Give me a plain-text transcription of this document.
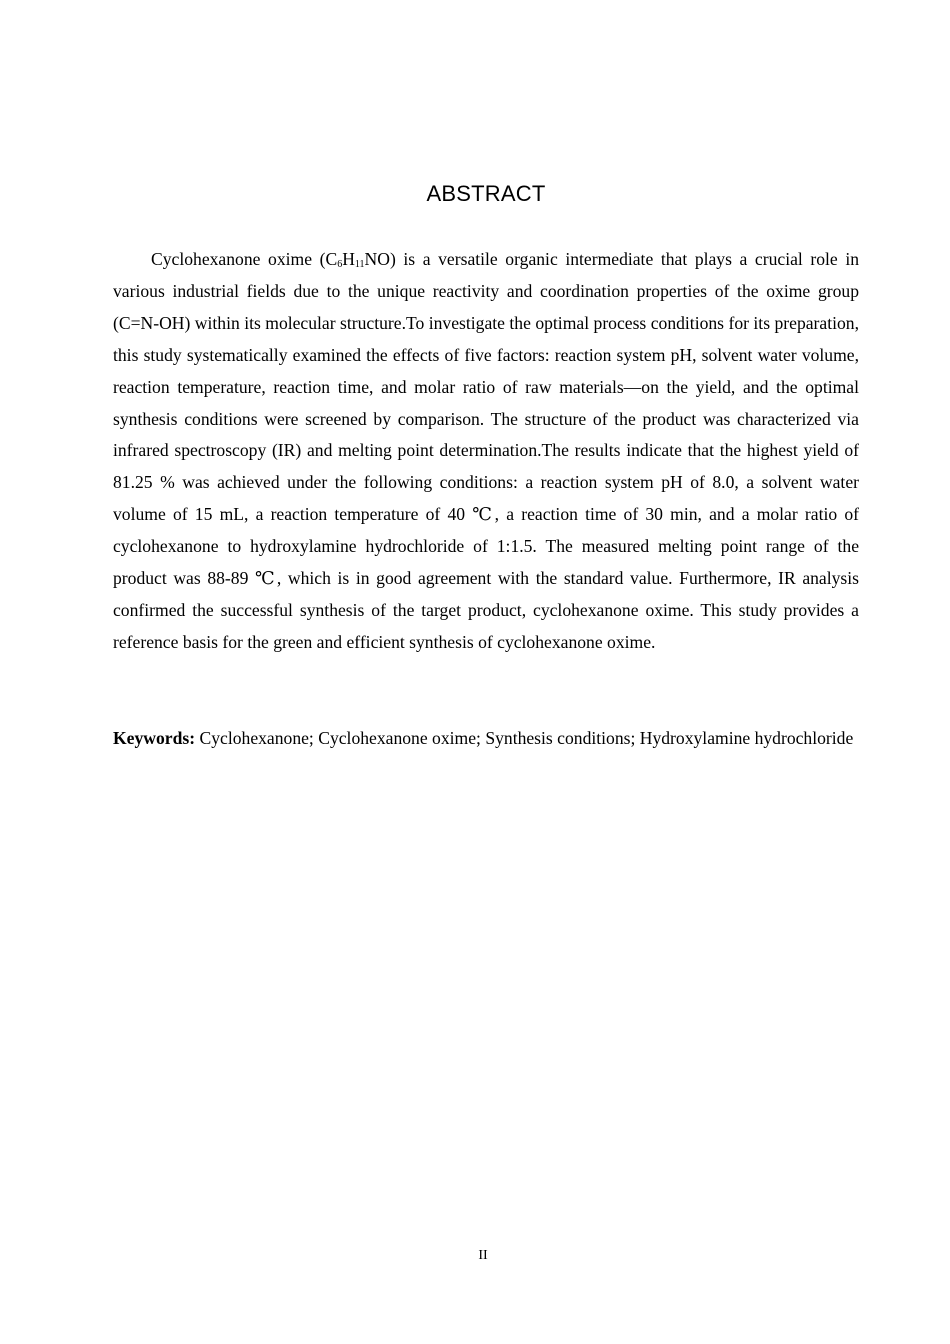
ABSTRACT

Cyclohexanone oxime $(C_6H_{11}NO)$ is a versatile organic intermediate that plays a crucial role in various industrial fields due to the unique reactivity and coordination properties of the oxime group (C=N-OH) within its molecular structure.To investigate the optimal process conditions for its preparation, this study systematically examined the effects of five factors: reaction system pH, solvent water volume, reaction temperature, reaction time, and molar ratio of raw materials—on the yield, and the optimal synthesis conditions were screened by comparison. The structure of the product was characterized via infrared spectroscopy (IR) and melting point determination.The results indicate that the highest yield of 81.25 % was achieved under the following conditions: a reaction system pH of 8.0, a solvent water volume of 15 mL, a reaction temperature of 40 ℃, a reaction time of 30 min, and a molar ratio of cyclohexanone to hydroxylamine hydrochloride of 1:1.5. The measured melting point range of the product was 88-89 ℃, which is in good agreement with the standard value. Furthermore, IR analysis confirmed the successful synthesis of the target product, cyclohexanone oxime. This study provides a reference basis for the green and efficient synthesis of cyclohexanone oxime.

Keywords: Cyclohexanone; Cyclohexanone oxime; Synthesis conditions; Hydroxylamine hydrochloride

II
